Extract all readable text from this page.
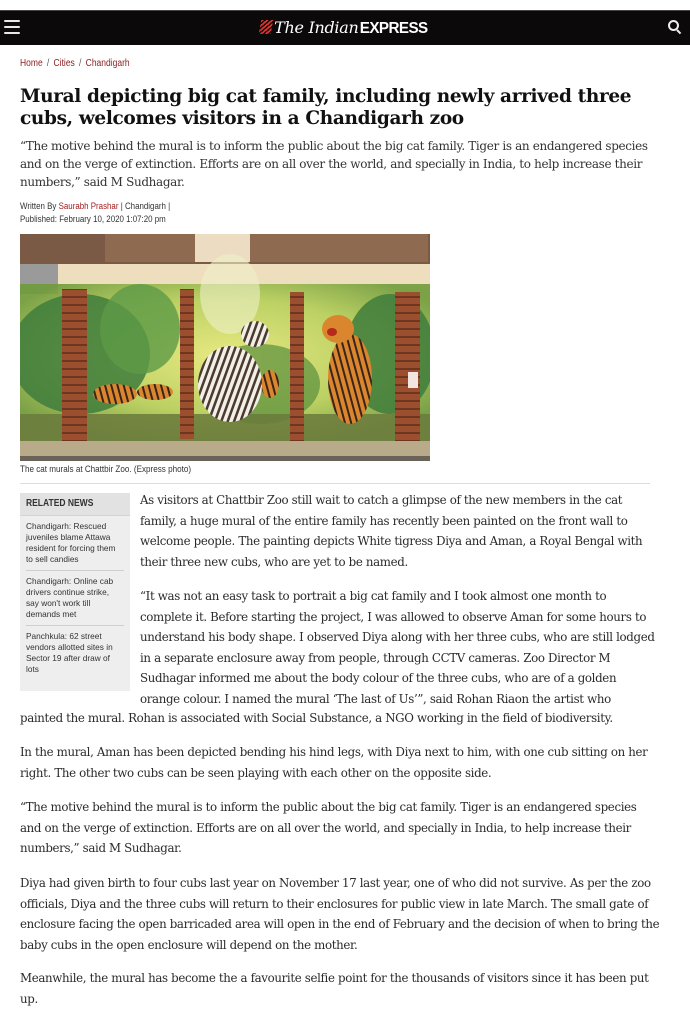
The Indian EXPRESS
Home / Cities / Chandigarh
Mural depicting big cat family, including newly arrived three cubs, welcomes visitors in a Chandigarh zoo

“The motive behind the mural is to inform the public about the big cat family. Tiger is an endangered species and on the verge of extinction. Efforts are on all over the world, and specially in India, to help increase their numbers,” said M Sudhagar.

Written By Saurabh Prashar | Chandigarh |
Published: February 10, 2020 1:07:20 pm
The cat murals at Chattbir Zoo. (Express photo)
RELATED NEWS
Chandigarh: Rescued juveniles blame Attawa resident for forcing them to sell candies
Chandigarh: Online cab drivers continue strike, say won't work till demands met
Panchkula: 62 street vendors allotted sites in Sector 19 after draw of lots

As visitors at Chattbir Zoo still wait to catch a glimpse of the new members in the cat family, a huge mural of the entire family has recently been painted on the front wall to welcome people. The painting depicts White tigress Diya and Aman, a Royal Bengal with their three new cubs, who are yet to be named.

“It was not an easy task to portrait a big cat family and I took almost one month to complete it. Before starting the project, I was allowed to observe Aman for some hours to understand his body shape. I observed Diya along with her three cubs, who are still lodged in a separate enclosure away from people, through CCTV cameras. Zoo Director M Sudhagar informed me about the body colour of the three cubs, who are of a golden orange colour. I named the mural ‘The last of Us’”, said Rohan Riaon the artist who

painted the mural. Rohan is associated with Social Substance, a NGO working in the field of biodiversity.

In the mural, Aman has been depicted bending his hind legs, with Diya next to him, with one cub sitting on her right. The other two cubs can be seen playing with each other on the opposite side.

“The motive behind the mural is to inform the public about the big cat family. Tiger is an endangered species and on the verge of extinction. Efforts are on all over the world, and specially in India, to help increase their numbers,” said M Sudhagar.

Diya had given birth to four cubs last year on November 17 last year, one of who did not survive. As per the zoo officials, Diya and the three cubs will return to their enclosures for public view in late March. The small gate of enclosure facing the open barricaded area will open in the end of February and the decision of when to bring the baby cubs in the open enclosure will depend on the mother.

Meanwhile, the mural has become the a favourite selfie point for the thousands of visitors since it has been put up.
